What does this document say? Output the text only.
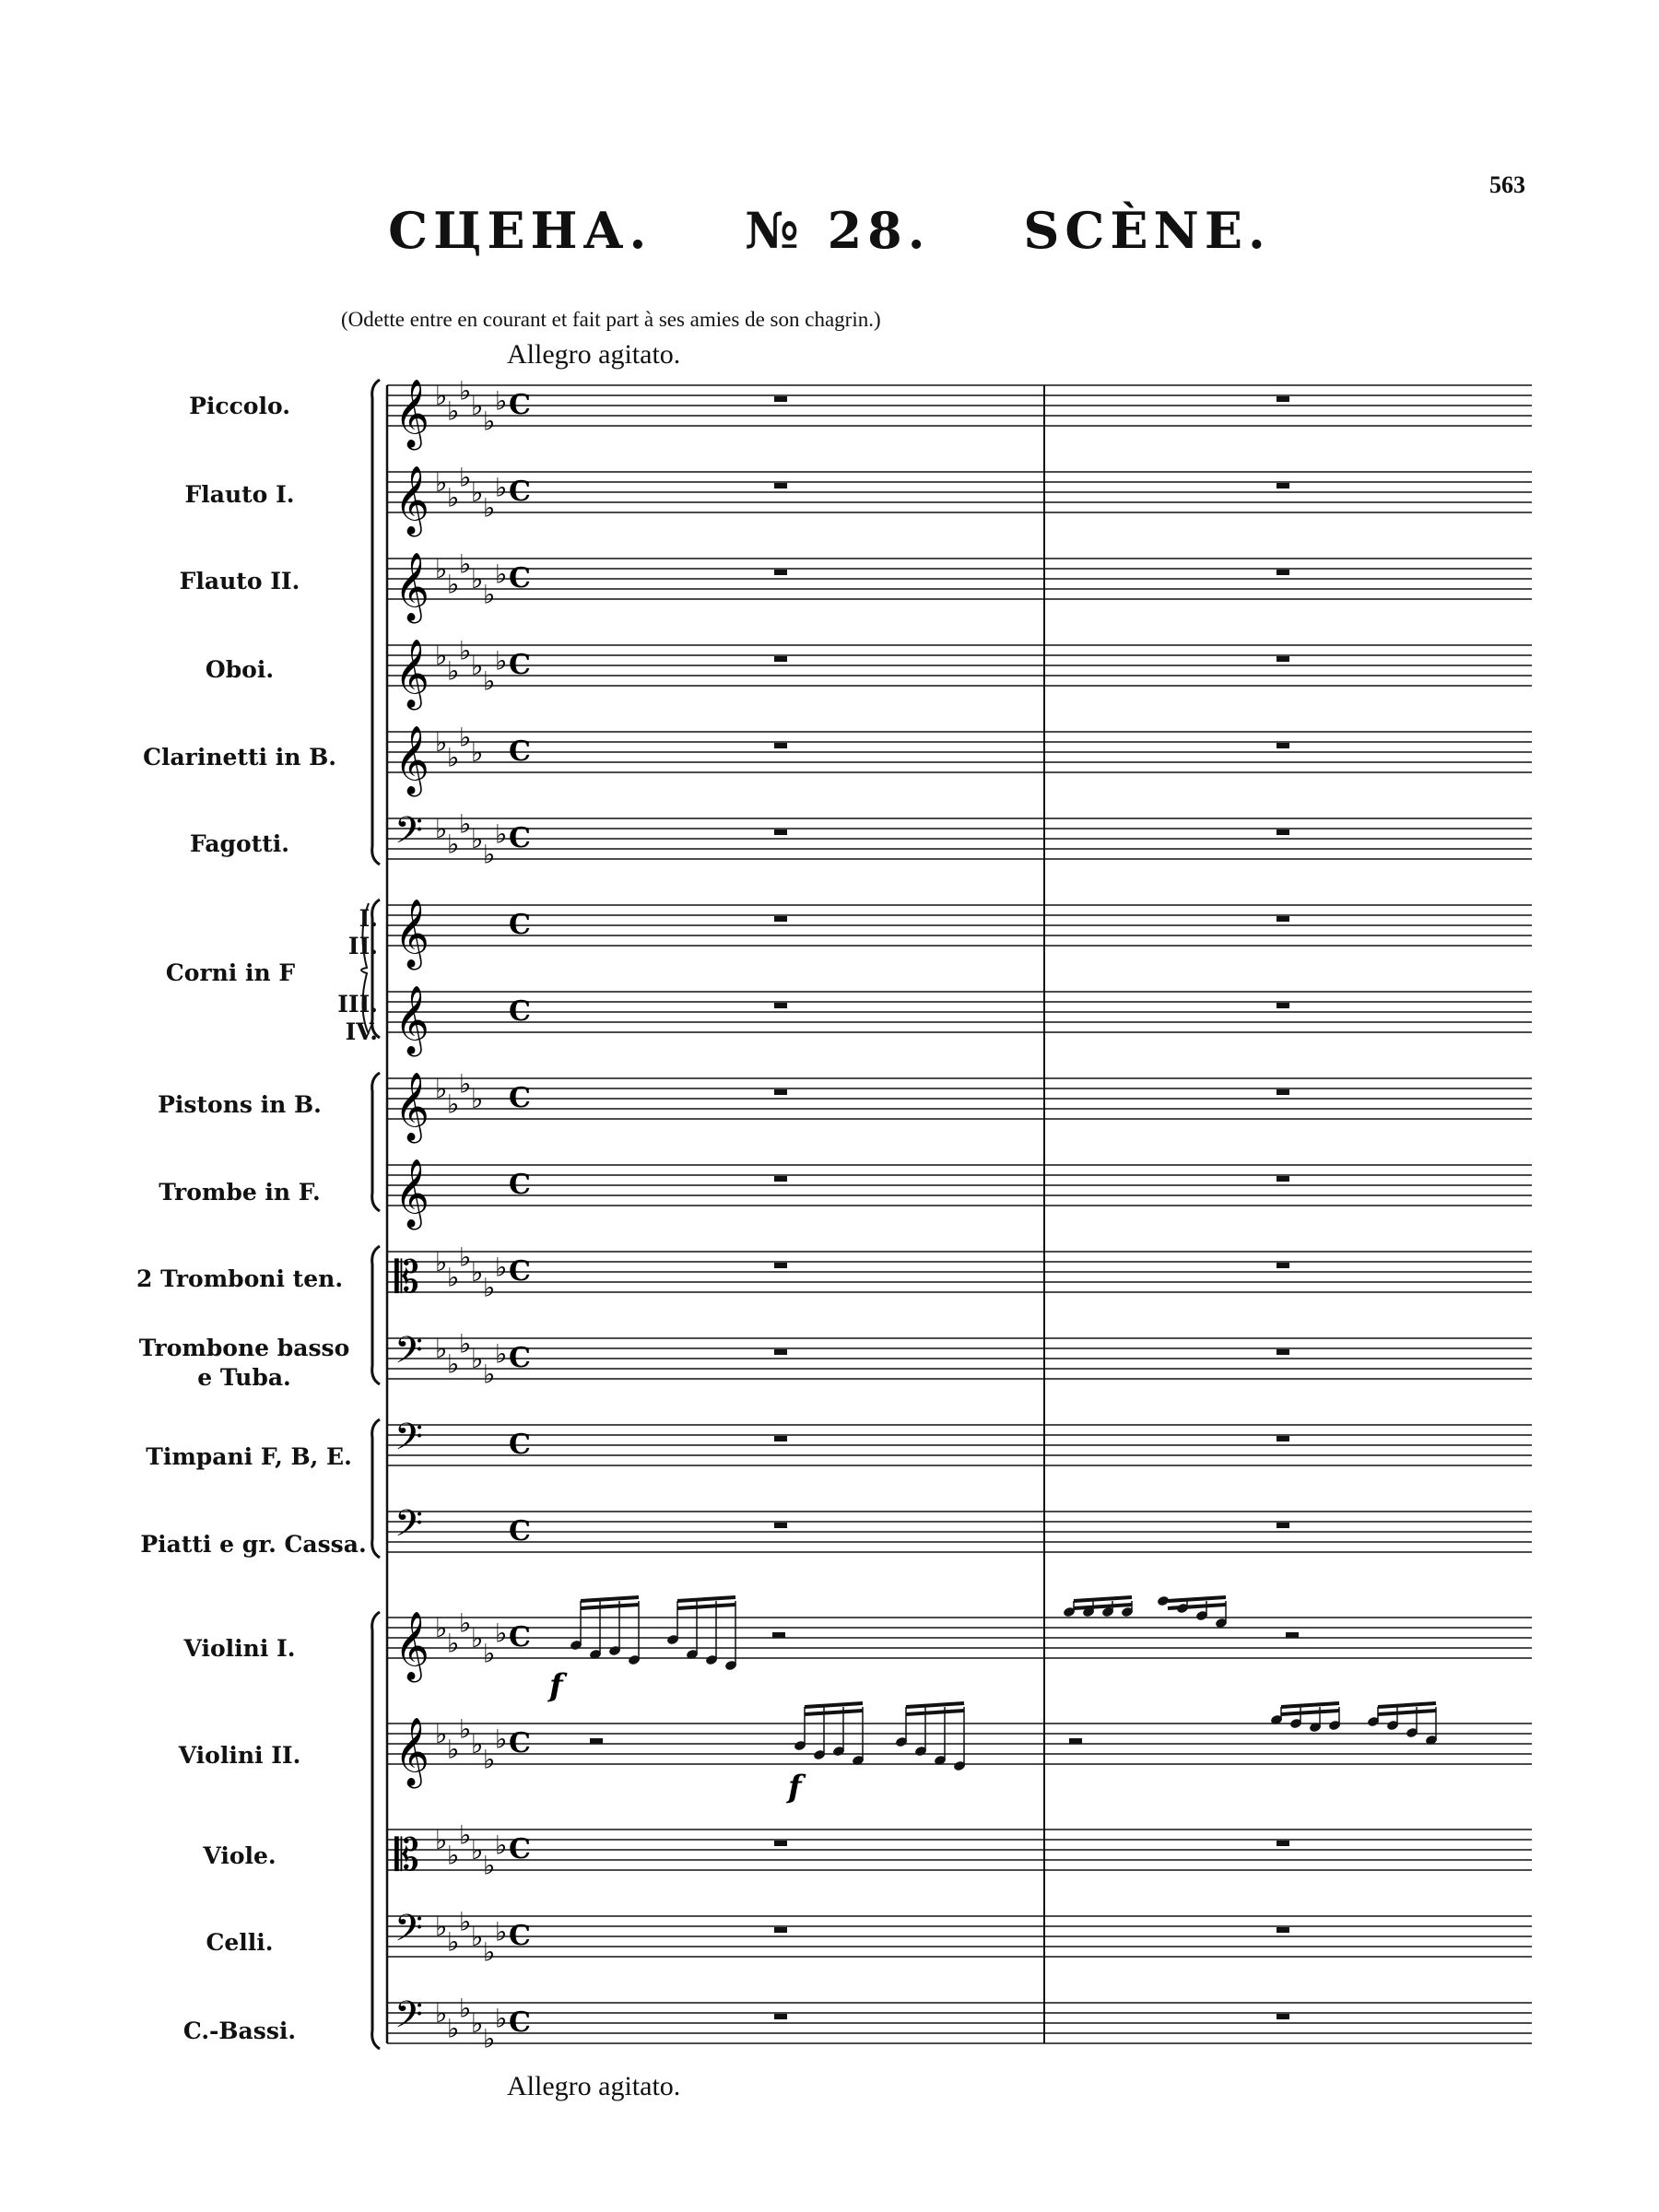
563
СЦЕНА. № 28. SCÈNE.
(Odette entre en courant et fait part à ses amies de son chagrin.)
Allegro agitato.
Allegro agitato.
Piccolo.
Flauto I.
Flauto II.
Oboi.
Clarinetti in B.
Fagotti.
Corni in F
I.
II.
III.
IV.
Pistons in B.
Trombe in F.
2 Tromboni ten.
Trombone basso
e Tuba.
Timpani F, B, E.
Piatti e gr. Cassa.
Violini I.
Violini II.
Viole.
Celli.
C.-Bassi.
𝄞 ♭ ♭
♭ ♭ ♭
♭ C
𝄞 ♭ ♭
♭ ♭ ♭
♭ C
𝄞 ♭ ♭
♭ ♭ ♭
♭ C
𝄞 ♭ ♭
♭ ♭ ♭
♭ C
𝄞 ♭ ♭
♭ ♭ C
𝄢 ♭ ♭
♭ ♭ ♭
♭ C
𝄞	C
𝄞	C
𝄞 ♭ ♭
♭ ♭ C
𝄞	C
𝄡 ♭ ♭
♭ ♭ ♭
♭ C
𝄢 ♭ ♭
♭ ♭ ♭
♭ C
𝄢	C
𝄢	C
𝄞 ♭ ♭
♭ ♭ ♭
♭ C
𝄞 ♭ ♭
♭ ♭ ♭
♭ C
𝄡 ♭ ♭
♭ ♭ ♭
♭ C
𝄢 ♭ ♭
♭ ♭ ♭
♭ C
𝄢 ♭ ♭
♭ ♭ ♭
♭ C
f
f
